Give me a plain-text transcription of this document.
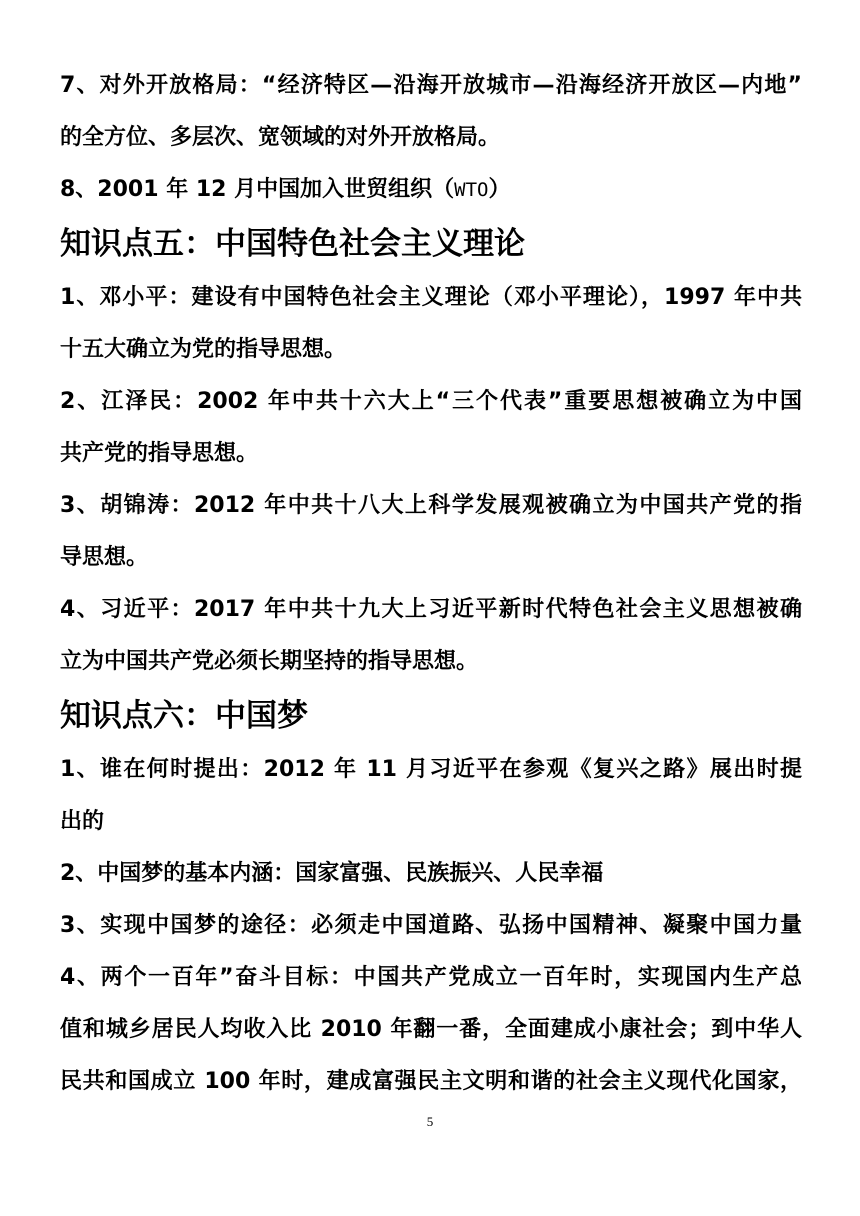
7、对外开放格局：“经济特区—沿海开放城市—沿海经济开放区—内地”
的全方位、多层次、宽领域的对外开放格局。
8、2001 年 12 月中国加入世贸组织（WTO）
知识点五：中国特色社会主义理论
1、邓小平：建设有中国特色社会主义理论（邓小平理论），1997 年中共
十五大确立为党的指导思想。
2、江泽民：2002 年中共十六大上“三个代表”重要思想被确立为中国
共产党的指导思想。
3、胡锦涛：2012 年中共十八大上科学发展观被确立为中国共产党的指
导思想。
4、习近平：2017 年中共十九大上习近平新时代特色社会主义思想被确
立为中国共产党必须长期坚持的指导思想。
知识点六：中国梦
1、谁在何时提出：2012 年 11 月习近平在参观《复兴之路》展出时提
出的
2、中国梦的基本内涵：国家富强、民族振兴、人民幸福
3、实现中国梦的途径：必须走中国道路、弘扬中国精神、凝聚中国力量
4、两个一百年”奋斗目标：中国共产党成立一百年时，实现国内生产总
值和城乡居民人均收入比 2010 年翻一番，全面建成小康社会；到中华人
民共和国成立 100 年时，建成富强民主文明和谐的社会主义现代化国家，
5
